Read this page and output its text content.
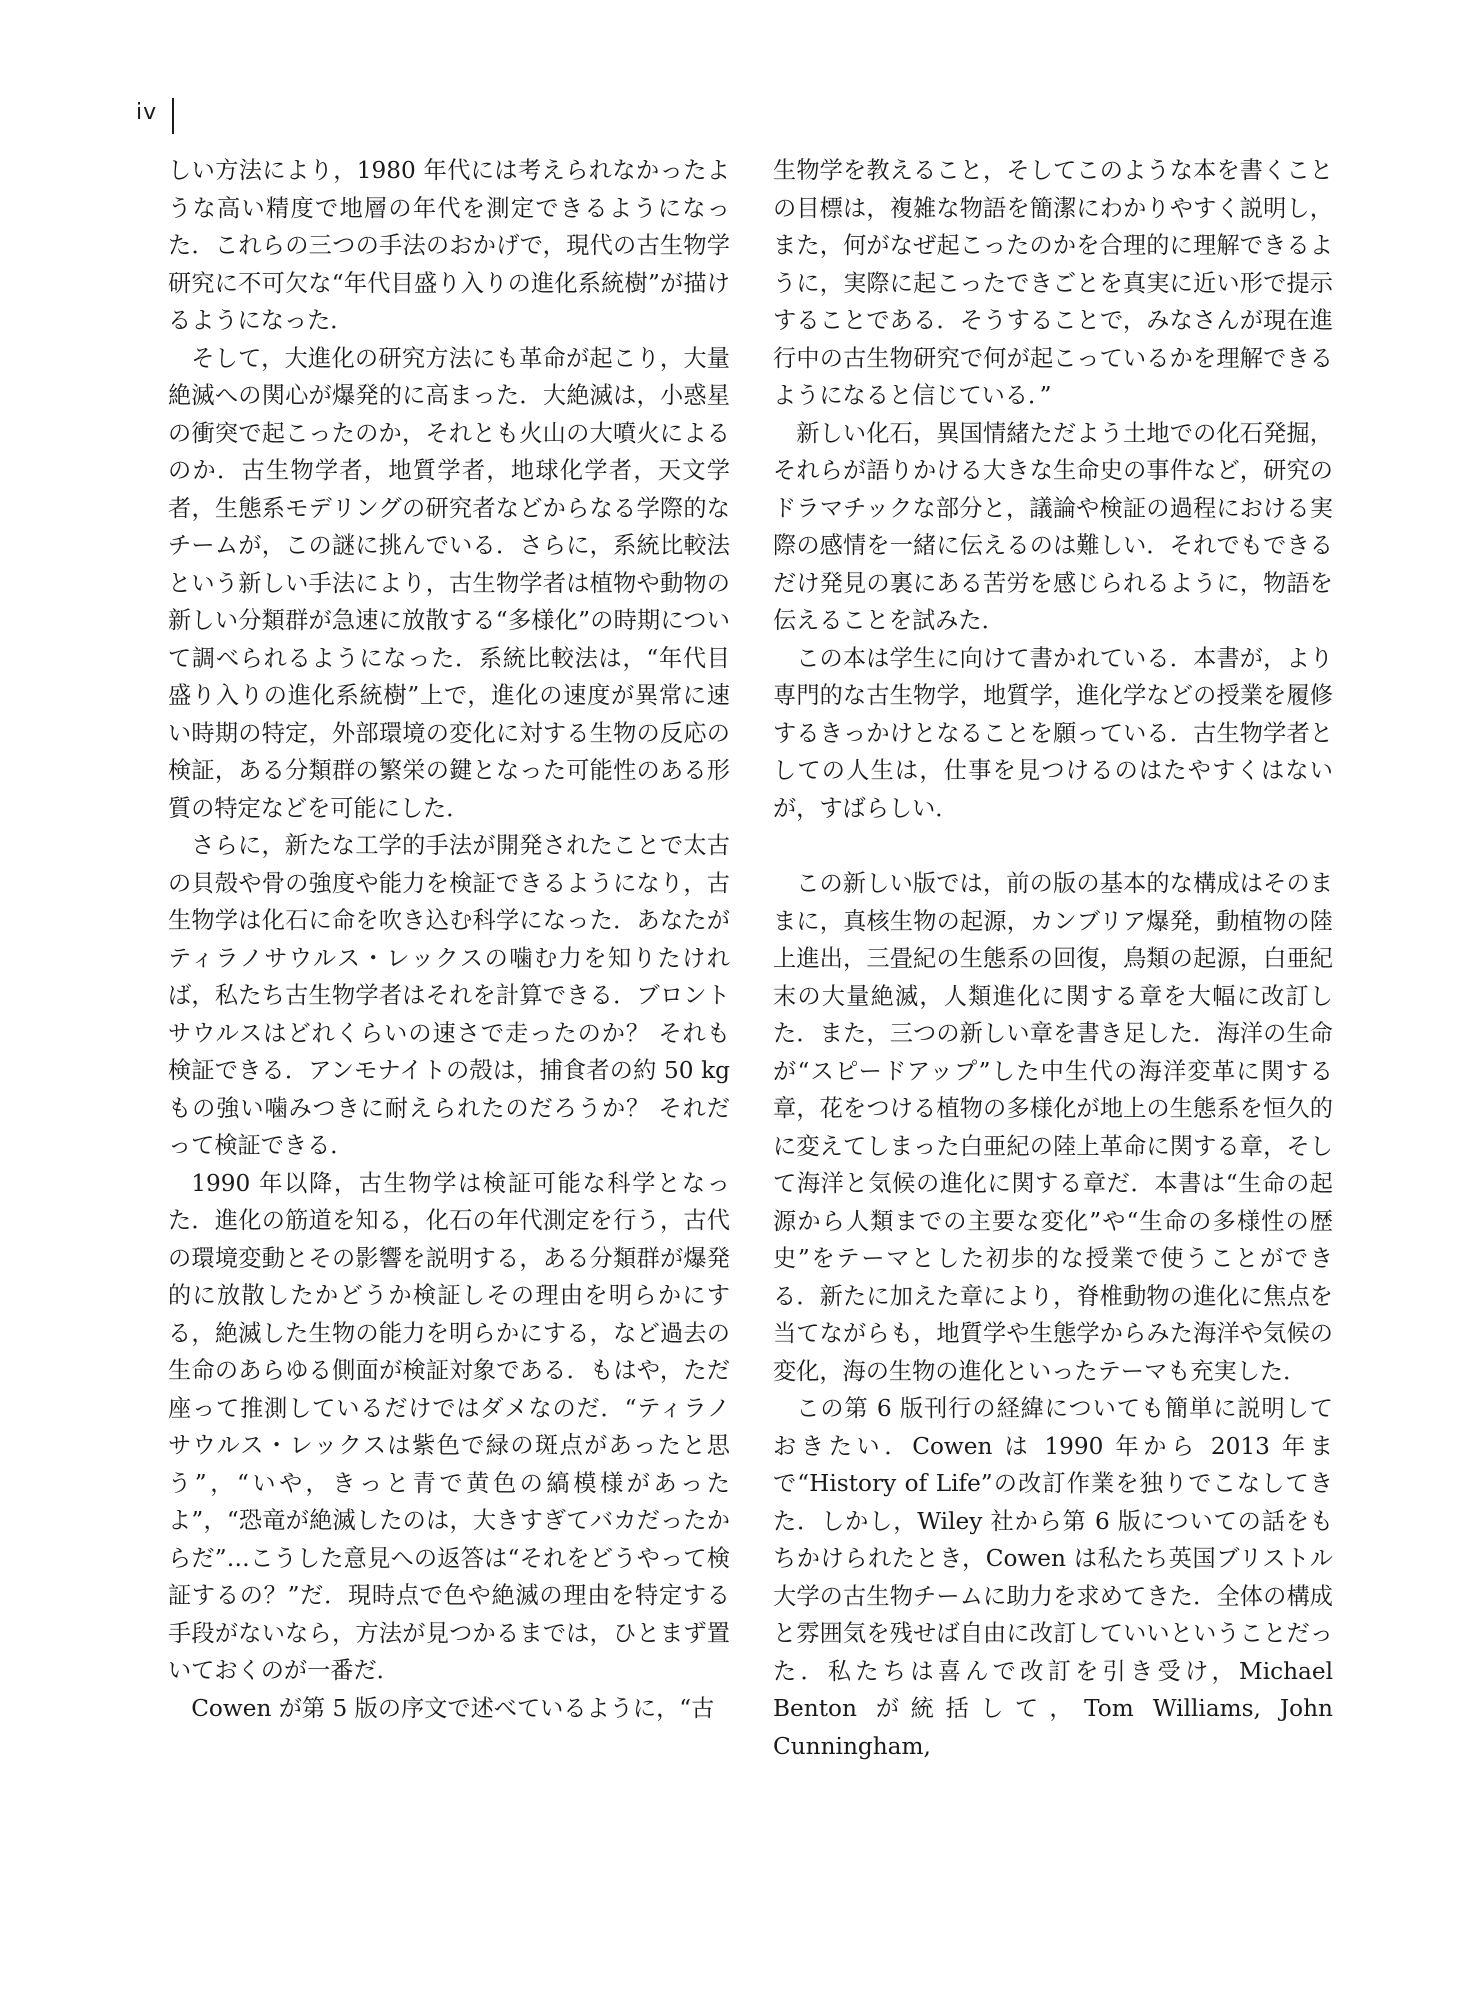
iv

しい方法により，1980 年代には考えられなかったような高い精度で地層の年代を測定できるようになった．これらの三つの手法のおかげで，現代の古生物学研究に不可欠な“年代目盛り入りの進化系統樹”が描けるようになった．

そして，大進化の研究方法にも革命が起こり，大量絶滅への関心が爆発的に高まった．大絶滅は，小惑星の衝突で起こったのか，それとも火山の大噴火によるのか．古生物学者，地質学者，地球化学者，天文学者，生態系モデリングの研究者などからなる学際的なチームが，この謎に挑んでいる．さらに，系統比較法という新しい手法により，古生物学者は植物や動物の新しい分類群が急速に放散する“多様化”の時期について調べられるようになった．系統比較法は，“年代目盛り入りの進化系統樹”上で，進化の速度が異常に速い時期の特定，外部環境の変化に対する生物の反応の検証，ある分類群の繁栄の鍵となった可能性のある形質の特定などを可能にした．

さらに，新たな工学的手法が開発されたことで太古の貝殻や骨の強度や能力を検証できるようになり，古生物学は化石に命を吹き込む科学になった．あなたがティラノサウルス・レックスの噛む力を知りたければ，私たち古生物学者はそれを計算できる．ブロントサウルスはどれくらいの速さで走ったのか？ それも検証できる．アンモナイトの殻は，捕食者の約 50 kg もの強い噛みつきに耐えられたのだろうか？ それだって検証できる．

1990 年以降，古生物学は検証可能な科学となった．進化の筋道を知る，化石の年代測定を行う，古代の環境変動とその影響を説明する，ある分類群が爆発的に放散したかどうか検証しその理由を明らかにする，絶滅した生物の能力を明らかにする，など過去の生命のあらゆる側面が検証対象である．もはや，ただ座って推測しているだけではダメなのだ．“ティラノサウルス・レックスは紫色で緑の斑点があったと思う”，“いや，きっと青で黄色の縞模様があったよ”，“恐竜が絶滅したのは，大きすぎてバカだったからだ”…こうした意見への返答は“それをどうやって検証するの？”だ．現時点で色や絶滅の理由を特定する手段がないなら，方法が見つかるまでは，ひとまず置いておくのが一番だ．

Cowen が第 5 版の序文で述べているように，“古

生物学を教えること，そしてこのような本を書くことの目標は，複雑な物語を簡潔にわかりやすく説明し，また，何がなぜ起こったのかを合理的に理解できるように，実際に起こったできごとを真実に近い形で提示することである．そうすることで，みなさんが現在進行中の古生物研究で何が起こっているかを理解できるようになると信じている．”

新しい化石，異国情緒ただよう土地での化石発掘，それらが語りかける大きな生命史の事件など，研究のドラマチックな部分と，議論や検証の過程における実際の感情を一緒に伝えるのは難しい．それでもできるだけ発見の裏にある苦労を感じられるように，物語を伝えることを試みた．

この本は学生に向けて書かれている．本書が，より専門的な古生物学，地質学，進化学などの授業を履修するきっかけとなることを願っている．古生物学者としての人生は，仕事を見つけるのはたやすくはないが，すばらしい．

この新しい版では，前の版の基本的な構成はそのままに，真核生物の起源，カンブリア爆発，動植物の陸上進出，三畳紀の生態系の回復，鳥類の起源，白亜紀末の大量絶滅，人類進化に関する章を大幅に改訂した．また，三つの新しい章を書き足した．海洋の生命が“スピードアップ”した中生代の海洋変革に関する章，花をつける植物の多様化が地上の生態系を恒久的に変えてしまった白亜紀の陸上革命に関する章，そして海洋と気候の進化に関する章だ．本書は“生命の起源から人類までの主要な変化”や“生命の多様性の歴史”をテーマとした初歩的な授業で使うことができる．新たに加えた章により，脊椎動物の進化に焦点を当てながらも，地質学や生態学からみた海洋や気候の変化，海の生物の進化といったテーマも充実した．

この第 6 版刊行の経緯についても簡単に説明しておきたい．Cowen は 1990 年から 2013 年まで“History of Life”の改訂作業を独りでこなしてきた．しかし，Wiley 社から第 6 版についての話をもちかけられたとき，Cowen は私たち英国ブリストル大学の古生物チームに助力を求めてきた．全体の構成と雰囲気を残せば自由に改訂していいということだった．私たちは喜んで改訂を引き受け，Michael Benton が統括して，Tom Williams, John Cunningham,
